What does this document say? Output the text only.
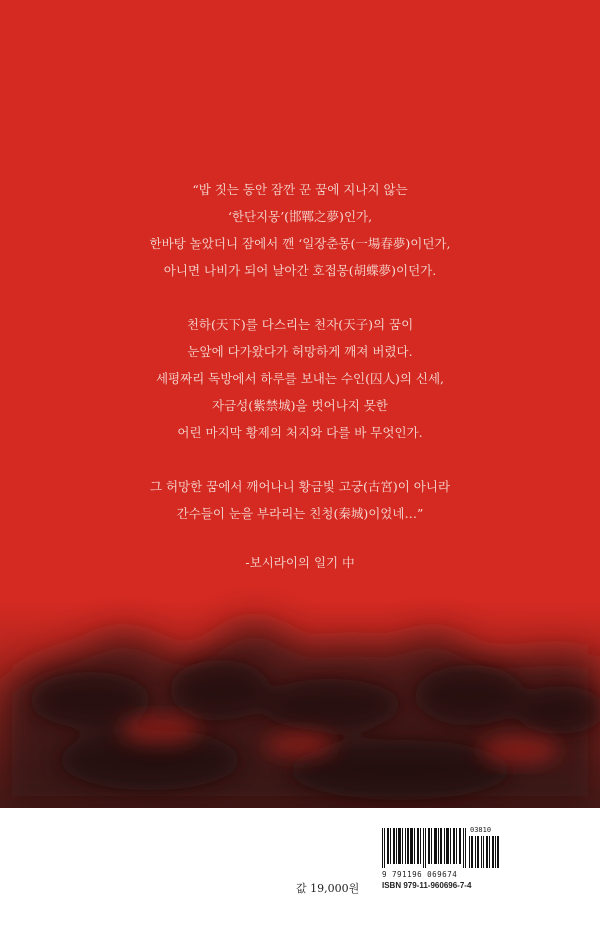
“밥 짓는 동안 잠깐 꾼 꿈에 지나지 않는
‘한단지몽’(邯鄲之夢)인가,
한바탕 놀았더니 잠에서 깬 ‘일장춘몽(一場春夢)이던가,
아니면 나비가 되어 날아간 호접몽(胡蝶夢)이던가.
천하(天下)를 다스리는 천자(天子)의 꿈이
눈앞에 다가왔다가 허망하게 깨져 버렸다.
세평짜리 독방에서 하루를 보내는 수인(囚人)의 신세,
자금성(紫禁城)을 벗어나지 못한
어린 마지막 황제의 처지와 다를 바 무엇인가.
그 허망한 꿈에서 깨어나니 황금빛 고궁(古宮)이 아니라
간수들이 눈을 부라리는 친청(秦城)이었네…”
-보시라이의 일기 中
값 19,000원
03810
9 791196 069674
ISBN 979-11-960696-7-4
